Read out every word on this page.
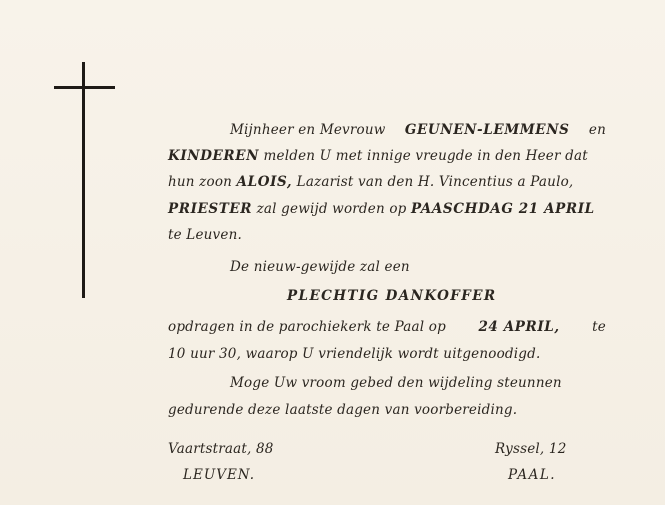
Mijnheer en Mevrouw GEUNEN-LEMMENS en
KINDEREN melden U met innige vreugde in den Heer dat
hun zoon ALOIS, Lazarist van den H. Vincentius a Paulo,
PRIESTER zal gewijd worden op PAASCHDAG 21 APRIL
te Leuven.
De nieuw-gewijde zal een
PLECHTIG DANKOFFER
opdragen in de parochiekerk te Paal op 24 APRIL, te
10 uur 30, waarop U vriendelijk wordt uitgenoodigd.
Moge Uw vroom gebed den wijdeling steunnen
gedurende deze laatste dagen van voorbereiding.
Vaartstraat, 88
LEUVEN.
Ryssel, 12
PAAL.
